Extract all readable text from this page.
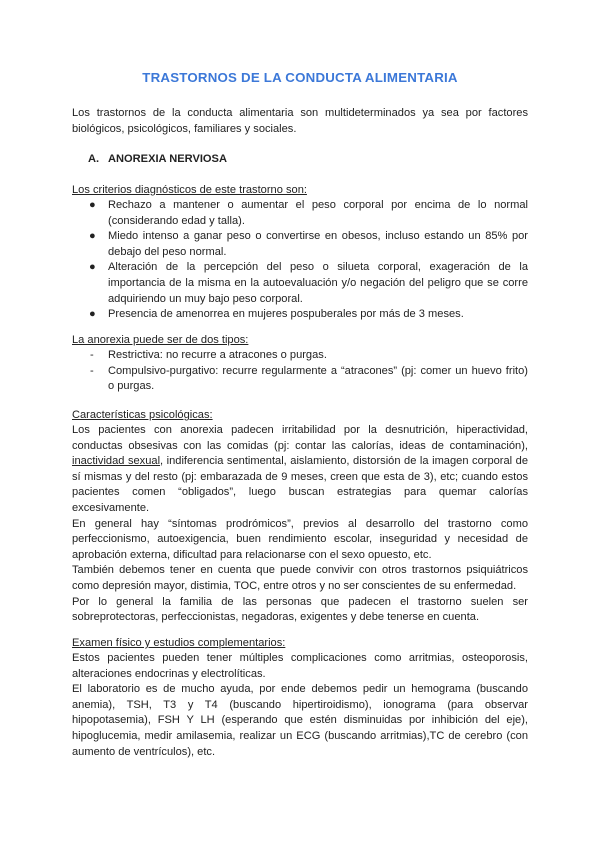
TRASTORNOS DE LA CONDUCTA ALIMENTARIA

Los trastornos de la conducta alimentaria son multideterminados ya sea por factores biológicos, psicológicos, familiares y sociales.

A. ANOREXIA NERVIOSA
Los criterios diagnósticos de este trastorno son:
● Rechazo a mantener o aumentar el peso corporal por encima de lo normal (considerando edad y talla).
● Miedo intenso a ganar peso o convertirse en obesos, incluso estando un 85% por debajo del peso normal.
● Alteración de la percepción del peso o silueta corporal, exageración de la importancia de la misma en la autoevaluación y/o negación del peligro que se corre adquiriendo un muy bajo peso corporal.
● Presencia de amenorrea en mujeres pospuberales por más de 3 meses.
La anorexia puede ser de dos tipos:
- Restrictiva: no recurre a atracones o purgas.
- Compulsivo-purgativo: recurre regularmente a “atracones” (pj: comer un huevo frito) o purgas.
Características psicológicas:

Los pacientes con anorexia padecen irritabilidad por la desnutrición, hiperactividad, conductas obsesivas con las comidas (pj: contar las calorías, ideas de contaminación), inactividad sexual, indiferencia sentimental, aislamiento, distorsión de la imagen corporal de sí mismas y del resto (pj: embarazada de 9 meses, creen que esta de 3), etc; cuando estos pacientes comen “obligados”, luego buscan estrategias para quemar calorías excesivamente.

En general hay “síntomas prodrómicos”, previos al desarrollo del trastorno como perfeccionismo, autoexigencia, buen rendimiento escolar, inseguridad y necesidad de aprobación externa, dificultad para relacionarse con el sexo opuesto, etc.

También debemos tener en cuenta que puede convivir con otros trastornos psiquiátricos como depresión mayor, distimia, TOC, entre otros y no ser conscientes de su enfermedad.

Por lo general la familia de las personas que padecen el trastorno suelen ser sobreprotectoras, perfeccionistas, negadoras, exigentes y debe tenerse en cuenta.

Examen físico y estudios complementarios:

Estos pacientes pueden tener múltiples complicaciones como arritmias, osteoporosis, alteraciones endocrinas y electrolíticas.

El laboratorio es de mucho ayuda, por ende debemos pedir un hemograma (buscando anemia), TSH, T3 y T4 (buscando hipertiroidismo), ionograma (para observar hipopotasemia), FSH Y LH (esperando que estén disminuidas por inhibición del eje), hipoglucemia, medir amilasemia, realizar un ECG (buscando arritmias),TC de cerebro (con aumento de ventrículos), etc.
